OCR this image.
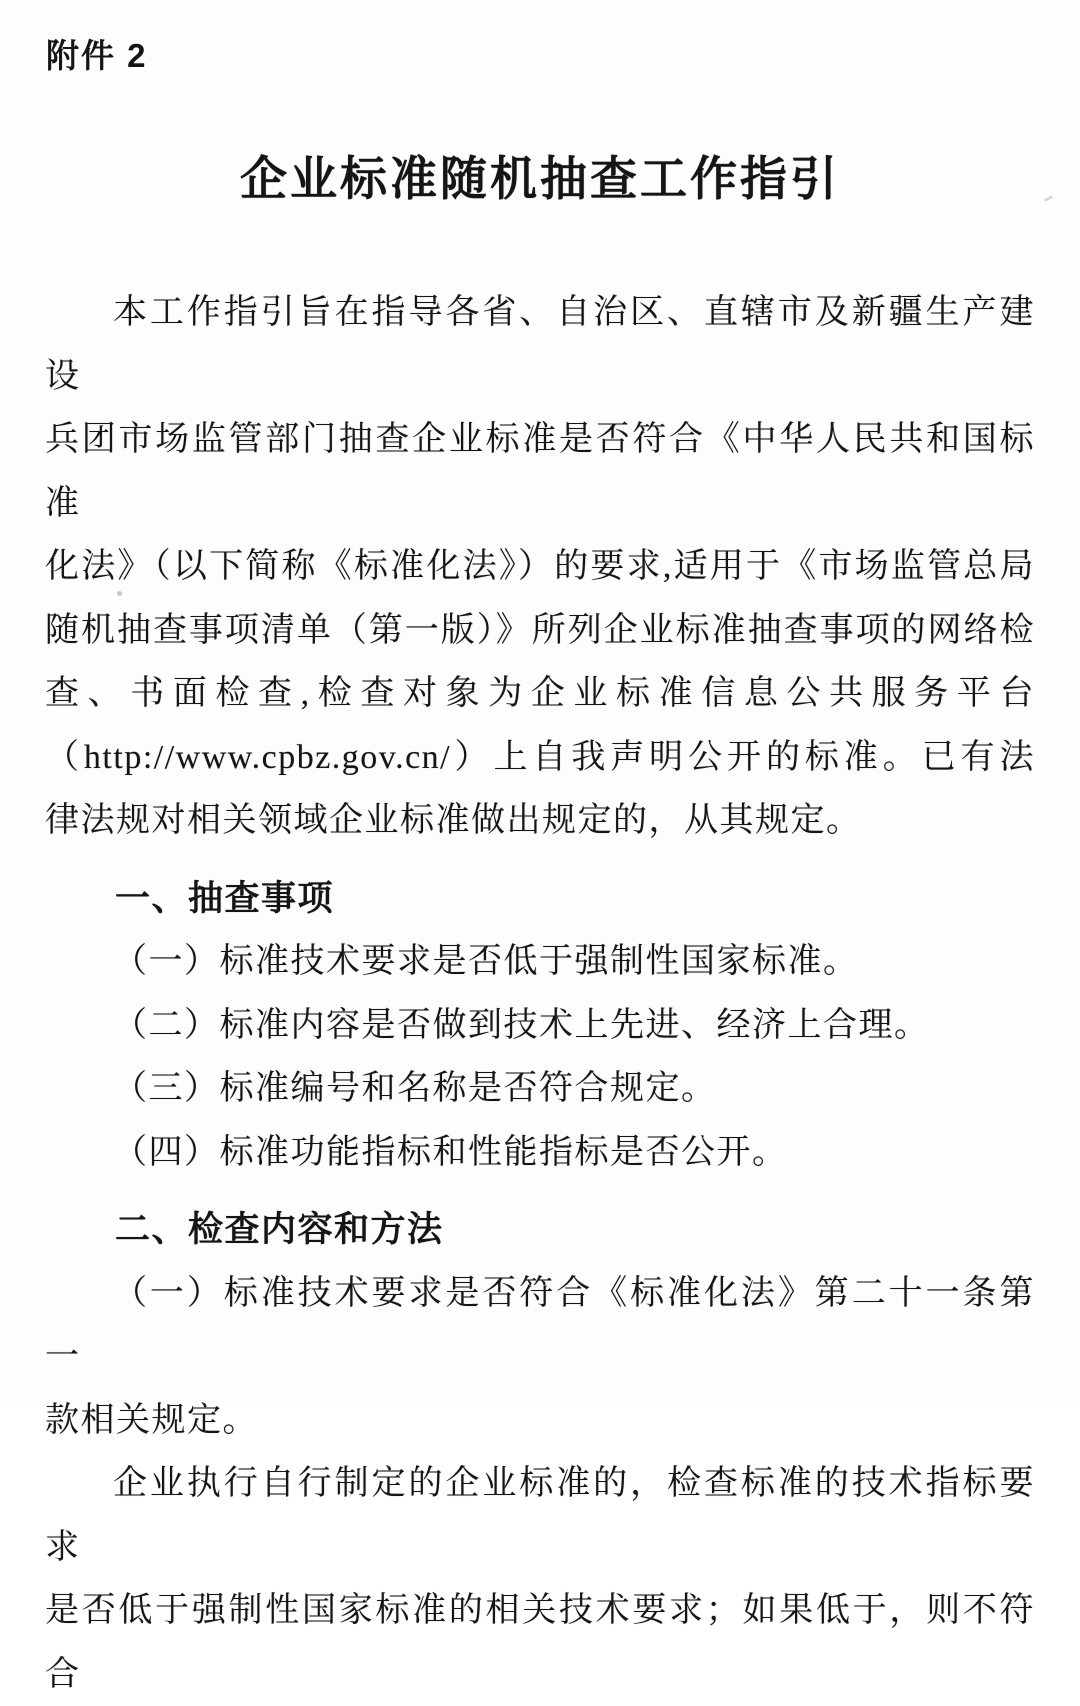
附件 2
企业标准随机抽查工作指引
本工作指引旨在指导各省、自治区、直辖市及新疆生产建设
兵团市场监管部门抽查企业标准是否符合《中华人民共和国标准
化法》（以下简称《标准化法》）的要求,适用于《市场监管总局
随机抽查事项清单（第一版）》所列企业标准抽查事项的网络检
查、书面检查,检查对象为企业标准信息公共服务平台
（http://www.cpbz.gov.cn/）上自我声明公开的标准。已有法
律法规对相关领域企业标准做出规定的，从其规定。
一、抽查事项
（一）标准技术要求是否低于强制性国家标准。
（二）标准内容是否做到技术上先进、经济上合理。
（三）标准编号和名称是否符合规定。
（四）标准功能指标和性能指标是否公开。
二、检查内容和方法
（一）标准技术要求是否符合《标准化法》第二十一条第一
款相关规定。
企业执行自行制定的企业标准的，检查标准的技术指标要求
是否低于强制性国家标准的相关技术要求；如果低于，则不符合
